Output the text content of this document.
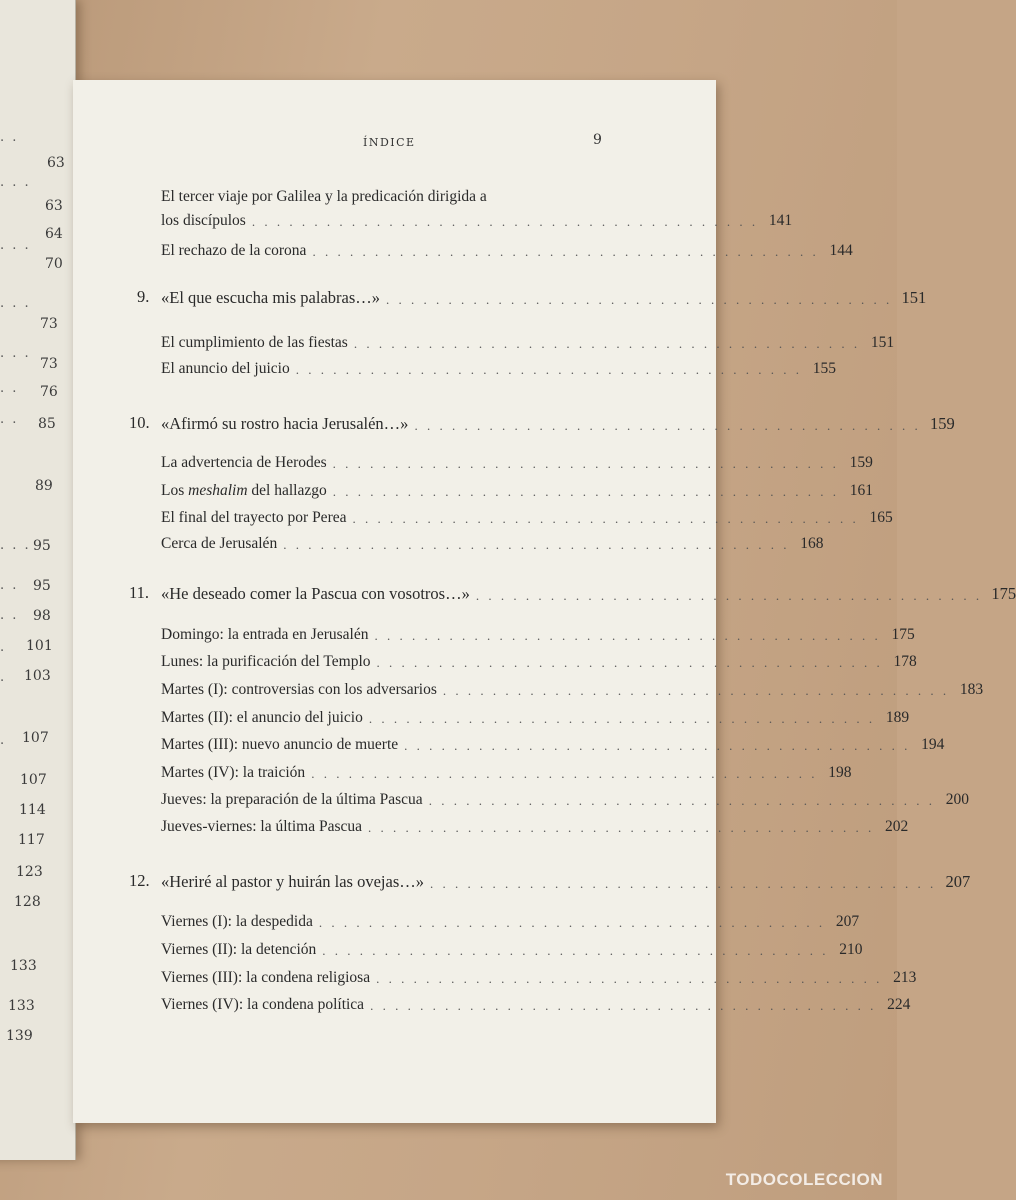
. .
63
. . .
63
64
. . .
70
. . .
73
. . .
73
. . 76
. . 85
89
. . . 95
. . 95
. . 98
. 101
. 103
. 107
107
114
117
123
128
133
133
139
ÍNDICE	9
El tercer viaje por Galilea y la predicación dirigida a
los discípulos . . . . . . . . . . . . . . . . . . . . . . . . . . . . . . . . . . . . . . . . . 141
El rechazo de la corona . . . . . . . . . . . . . . . . . . . . . . . . . . . . . . . . . . . . . . . . . 144
9. «El que escucha mis palabras…» . . . . . . . . . . . . . . . . . . . . . . . . . . . . . . . . . . . . . . . . . 151
El cumplimiento de las fiestas . . . . . . . . . . . . . . . . . . . . . . . . . . . . . . . . . . . . . . . . . 151
El anuncio del juicio . . . . . . . . . . . . . . . . . . . . . . . . . . . . . . . . . . . . . . . . . 155
10. «Afirmó su rostro hacia Jerusalén…» . . . . . . . . . . . . . . . . . . . . . . . . . . . . . . . . . . . . . . . . . 159
La advertencia de Herodes . . . . . . . . . . . . . . . . . . . . . . . . . . . . . . . . . . . . . . . . . 159
Los meshalim del hallazgo . . . . . . . . . . . . . . . . . . . . . . . . . . . . . . . . . . . . . . . . . 161
El final del trayecto por Perea . . . . . . . . . . . . . . . . . . . . . . . . . . . . . . . . . . . . . . . . . 165
Cerca de Jerusalén . . . . . . . . . . . . . . . . . . . . . . . . . . . . . . . . . . . . . . . . . 168
11. «He deseado comer la Pascua con vosotros…» . . . . . . . . . . . . . . . . . . . . . . . . . . . . . . . . . . . . . . . . . 175
Domingo: la entrada en Jerusalén . . . . . . . . . . . . . . . . . . . . . . . . . . . . . . . . . . . . . . . . . 175
Lunes: la purificación del Templo . . . . . . . . . . . . . . . . . . . . . . . . . . . . . . . . . . . . . . . . . 178
Martes (I): controversias con los adversarios . . . . . . . . . . . . . . . . . . . . . . . . . . . . . . . . . . . . . . . . . 183
Martes (II): el anuncio del juicio . . . . . . . . . . . . . . . . . . . . . . . . . . . . . . . . . . . . . . . . . 189
Martes (III): nuevo anuncio de muerte . . . . . . . . . . . . . . . . . . . . . . . . . . . . . . . . . . . . . . . . . 194
Martes (IV): la traición . . . . . . . . . . . . . . . . . . . . . . . . . . . . . . . . . . . . . . . . . 198
Jueves: la preparación de la última Pascua . . . . . . . . . . . . . . . . . . . . . . . . . . . . . . . . . . . . . . . . . 200
Jueves-viernes: la última Pascua . . . . . . . . . . . . . . . . . . . . . . . . . . . . . . . . . . . . . . . . . 202
12. «Heriré al pastor y huirán las ovejas…» . . . . . . . . . . . . . . . . . . . . . . . . . . . . . . . . . . . . . . . . . 207
Viernes (I): la despedida . . . . . . . . . . . . . . . . . . . . . . . . . . . . . . . . . . . . . . . . . 207
Viernes (II): la detención . . . . . . . . . . . . . . . . . . . . . . . . . . . . . . . . . . . . . . . . . 210
Viernes (III): la condena religiosa . . . . . . . . . . . . . . . . . . . . . . . . . . . . . . . . . . . . . . . . . 213
Viernes (IV): la condena política . . . . . . . . . . . . . . . . . . . . . . . . . . . . . . . . . . . . . . . . . 224
TODOCOLECCION
